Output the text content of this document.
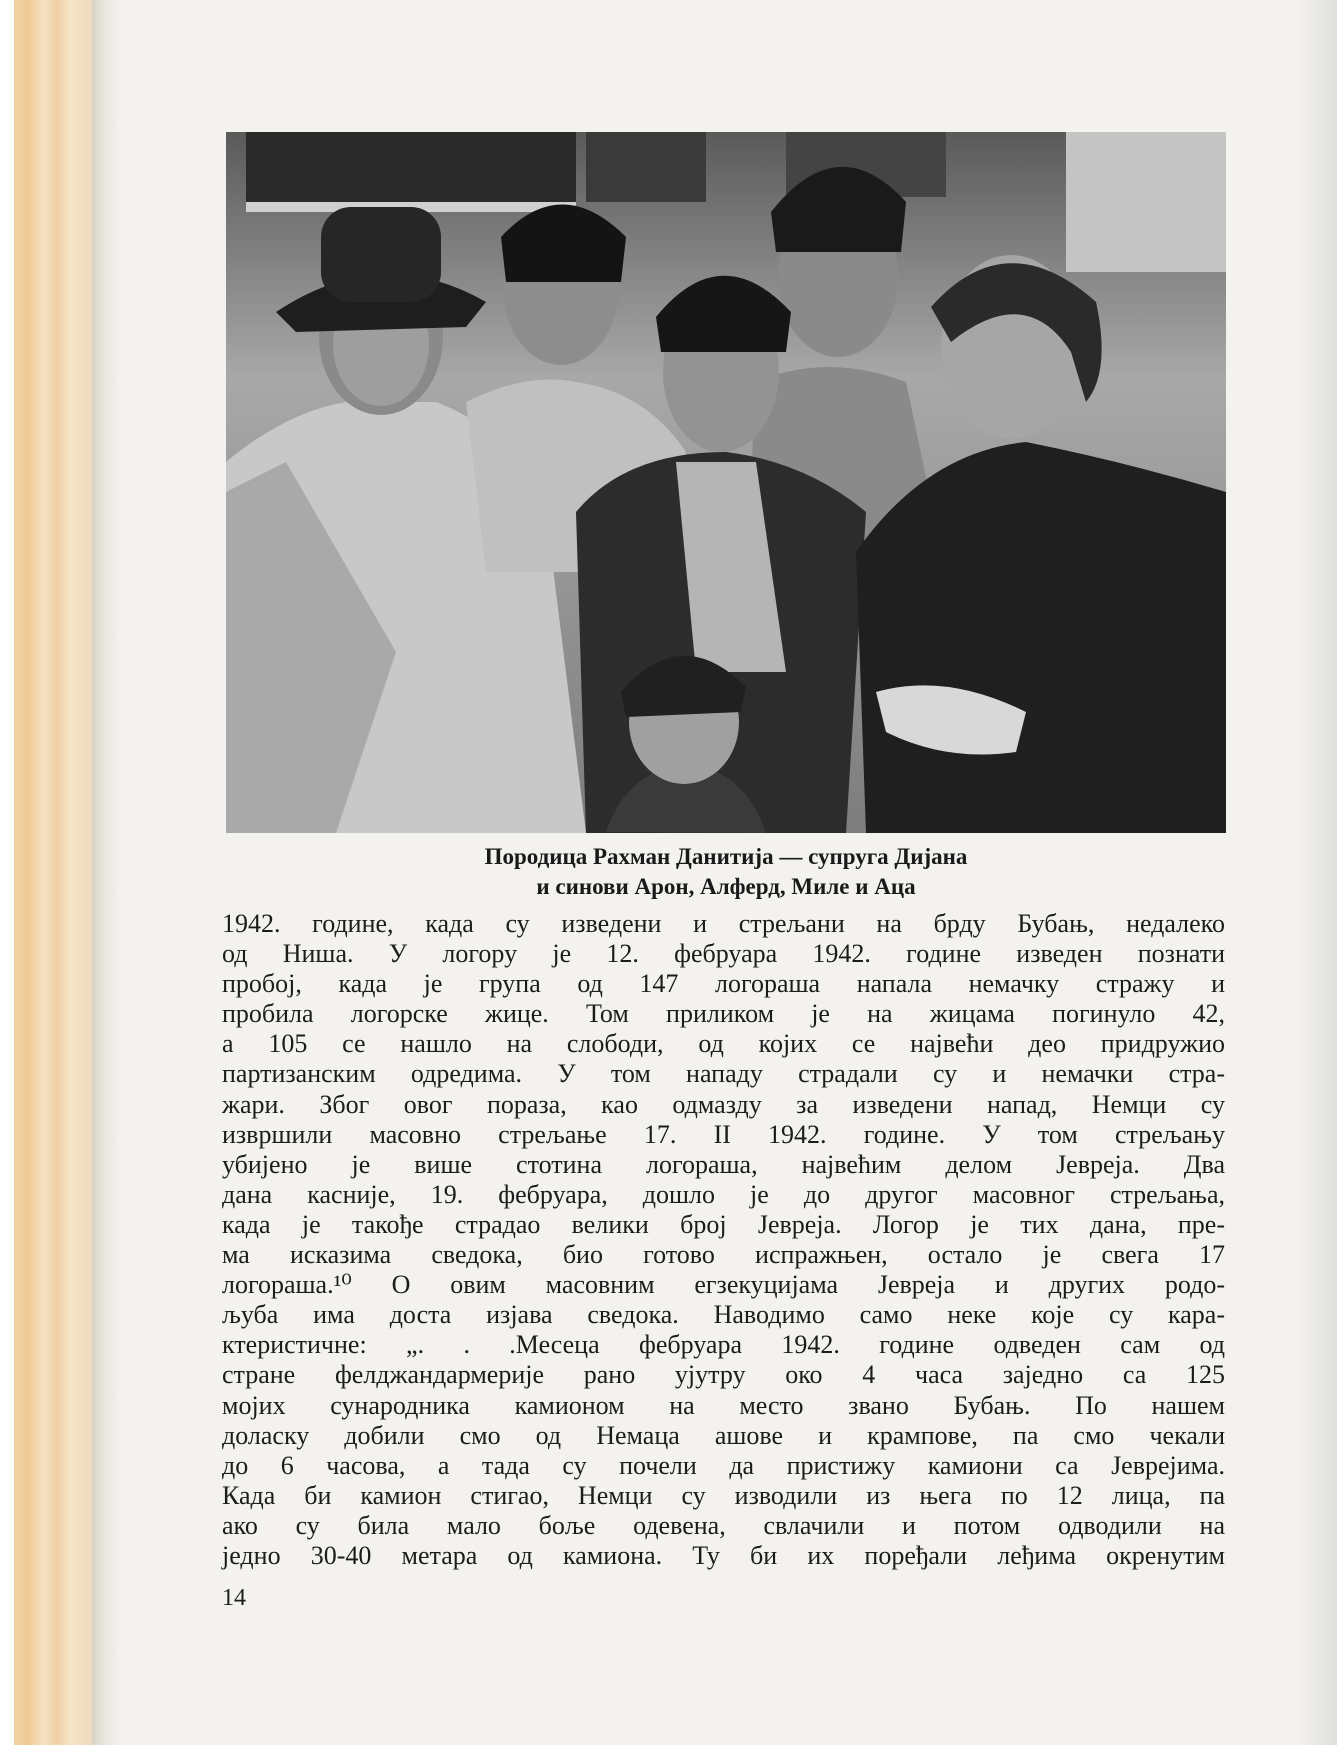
Породица Рахман Данитија — супруга Дијана
и синови Арон, Алферд, Миле и Аца
1942. године, када су изведени и стрељани на брду Бубањ, недалеко
од Ниша. У логору је 12. фебруара 1942. године изведен познати
пробој, када је група од 147 логораша напала немачку стражу и
пробила логорске жице. Том приликом је на жицама погинуло 42,
а 105 се нашло на слободи, од којих се највећи део придружио
партизанским одредима. У том нападу страдали су и немачки стра-
жари. Због овог пораза, као одмазду за изведени напад, Немци су
извршили масовно стрељање 17. II 1942. године. У том стрељању
убијено је више стотина логораша, највећим делом Јевреја. Два
дана касније, 19. фебруара, дошло је до другог масовног стрељања,
када је такође страдао велики број Јевреја. Логор је тих дана, пре-
ма исказима сведока, био готово испражњен, остало је свега 17
логораша.¹⁰ О овим масовним егзекуцијама Јевреја и других родо-
љуба има доста изјава сведока. Наводимо само неке које су кара-
ктеристичне: „. . .Месеца фебруара 1942. године одведен сам од
стране фелджандармерије рано ујутру око 4 часа заједно са 125
мојих сународника камионом на место звано Бубањ. По нашем
доласку добили смо од Немаца ашове и крампове, па смо чекали
до 6 часова, а тада су почели да пристижу камиони са Јеврејима.
Када би камион стигао, Немци су изводили из њега по 12 лица, па
ако су била мало боље одевена, свлачили и потом одводили на
једно 30-40 метара од камиона. Ту би их поређали леђима окренутим
14
